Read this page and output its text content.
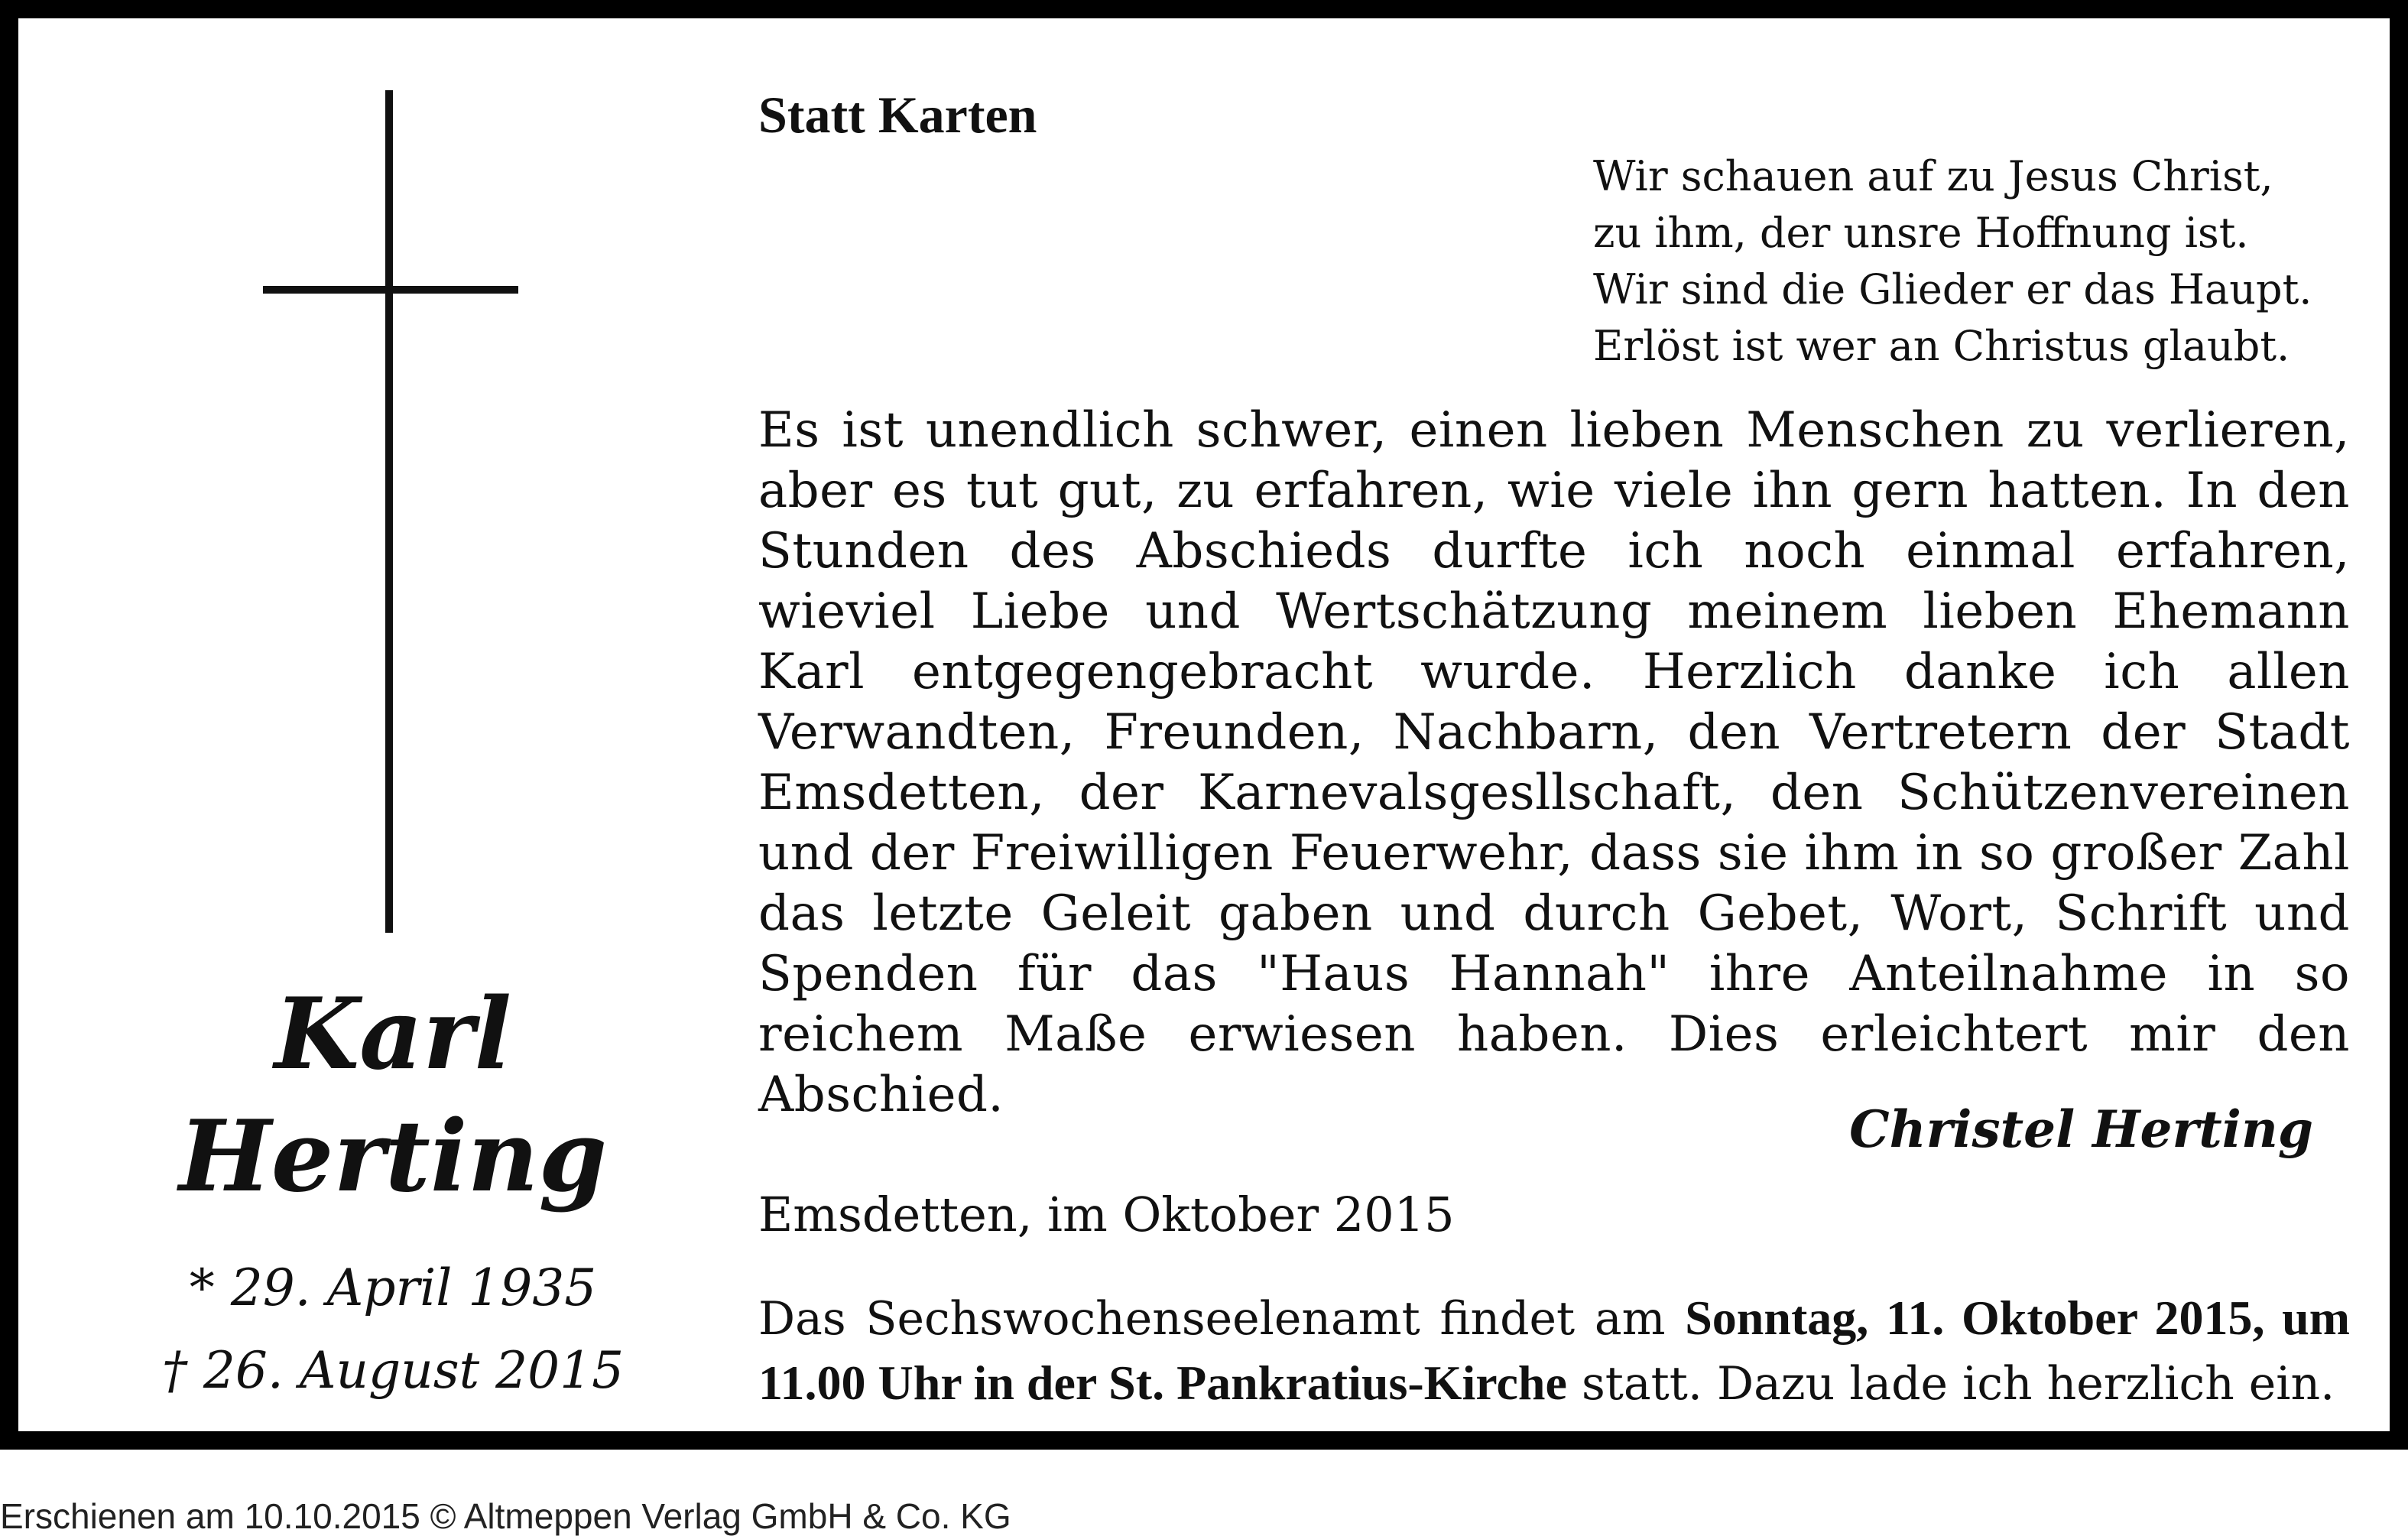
Karl
Herting
* 29. April 1935
† 26. August 2015
Statt Karten
Wir schauen auf zu Jesus Christ,
zu ihm, der unsre Hoffnung ist.
Wir sind die Glieder er das Haupt.
Erlöst ist wer an Christus glaubt.

Es ist unendlich schwer, einen lieben Menschen zu verlieren, aber es tut gut, zu erfahren, wie viele ihn gern hatten. In den Stunden des Abschieds durfte ich noch einmal erfahren, wieviel Liebe und Wertschätzung meinem lieben Ehemann Karl entgegengebracht wurde. Herzlich danke ich allen Verwandten, Freunden, Nachbarn, den Vertretern der Stadt Emsdetten, der Karnevalsgesllschaft, den Schützenvereinen und der Freiwilligen Feuerwehr, dass sie ihm in so großer Zahl das letzte Geleit gaben und durch Gebet, Wort, Schrift und Spenden für das "Haus Hannah" ihre Anteilnahme in so reichem Maße erwiesen haben. Dies erleichtert mir den Abschied.

Christel Herting
Emsdetten, im Oktober 2015

Das Sechswochenseelenamt findet am Sonntag, 11. Oktober 2015, um 11.00 Uhr in der St. Pankratius-Kirche statt. Dazu lade ich herzlich ein.

Erschienen am 10.10.2015 © Altmeppen Verlag GmbH & Co. KG
